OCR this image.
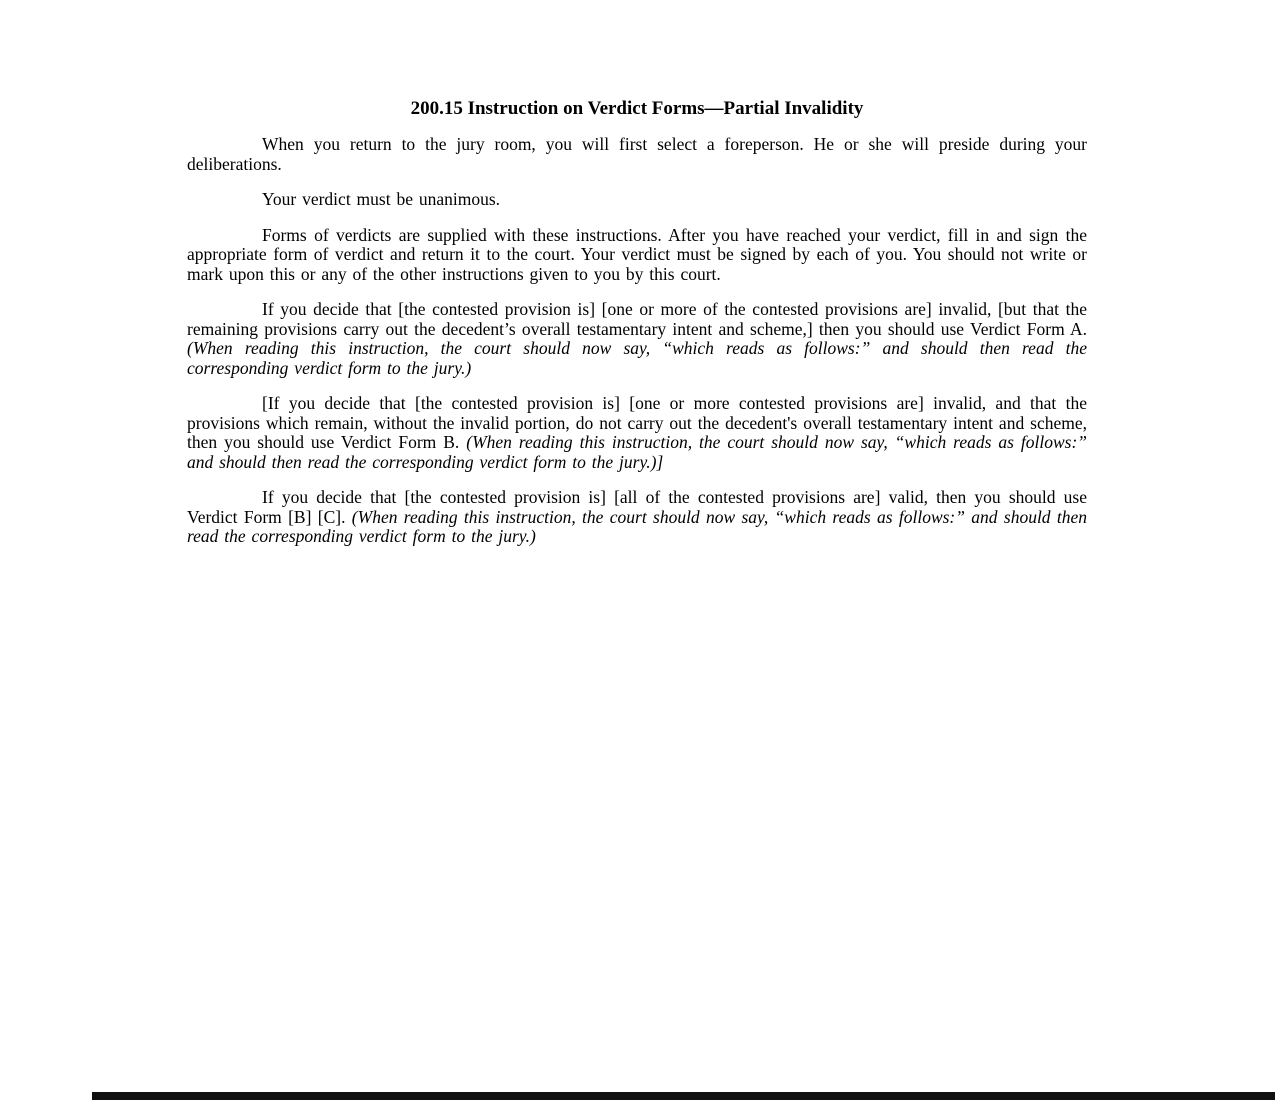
200.15 Instruction on Verdict Forms—Partial Invalidity

When you return to the jury room, you will first select a foreperson. He or she will preside during your deliberations.

Your verdict must be unanimous.

Forms of verdicts are supplied with these instructions. After you have reached your verdict, fill in and sign the appropriate form of verdict and return it to the court. Your verdict must be signed by each of you. You should not write or mark upon this or any of the other instructions given to you by this court.

If you decide that [the contested provision is] [one or more of the contested provisions are] invalid, [but that the remaining provisions carry out the decedent’s overall testamentary intent and scheme,] then you should use Verdict Form A. (When reading this instruction, the court should now say, “which reads as follows:” and should then read the corresponding verdict form to the jury.)

[If you decide that [the contested provision is] [one or more contested provisions are] invalid, and that the provisions which remain, without the invalid portion, do not carry out the decedent's overall testamentary intent and scheme, then you should use Verdict Form B. (When reading this instruction, the court should now say, “which reads as follows:” and should then read the corresponding verdict form to the jury.)]

If you decide that [the contested provision is] [all of the contested provisions are] valid, then you should use Verdict Form [B] [C]. (When reading this instruction, the court should now say, “which reads as follows:” and should then read the corresponding verdict form to the jury.)
